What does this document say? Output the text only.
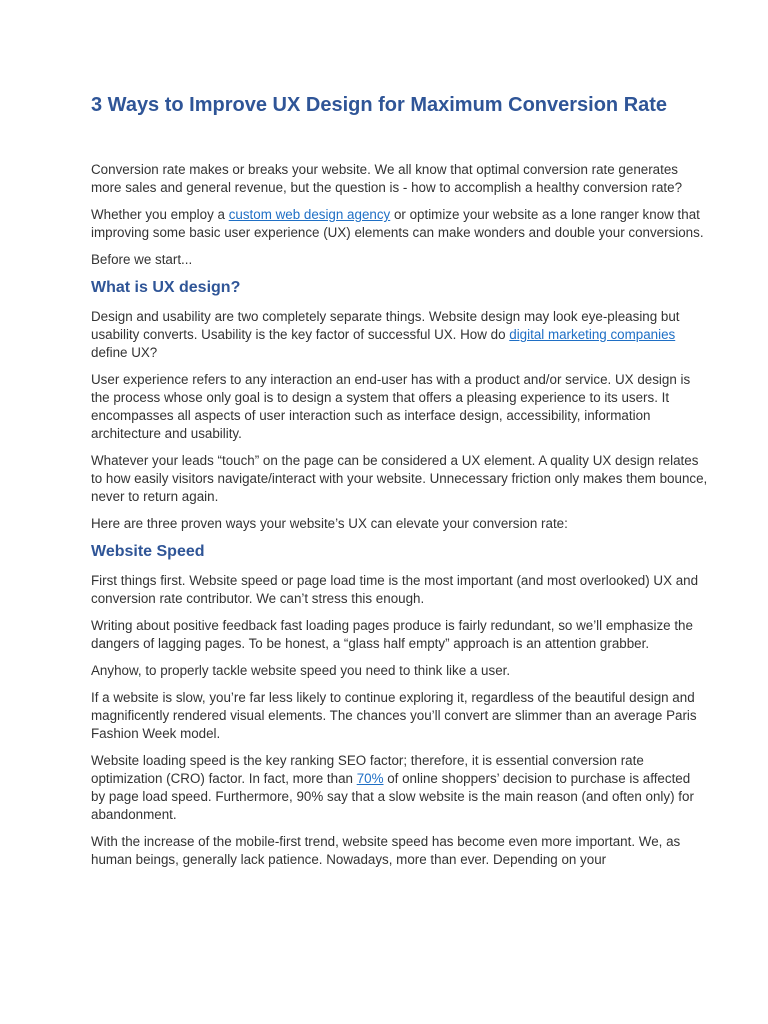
3 Ways to Improve UX Design for Maximum Conversion Rate

Conversion rate makes or breaks your website. We all know that optimal conversion rate generates more sales and general revenue, but the question is - how to accomplish a healthy conversion rate?

Whether you employ a custom web design agency or optimize your website as a lone ranger know that improving some basic user experience (UX) elements can make wonders and double your conversions.

Before we start...

What is UX design?

Design and usability are two completely separate things. Website design may look eye-pleasing but usability converts. Usability is the key factor of successful UX. How do digital marketing companies define UX?

User experience refers to any interaction an end-user has with a product and/or service. UX design is the process whose only goal is to design a system that offers a pleasing experience to its users. It encompasses all aspects of user interaction such as interface design, accessibility, information architecture and usability.

Whatever your leads “touch” on the page can be considered a UX element. A quality UX design relates to how easily visitors navigate/interact with your website. Unnecessary friction only makes them bounce, never to return again.

Here are three proven ways your website’s UX can elevate your conversion rate:

Website Speed

First things first. Website speed or page load time is the most important (and most overlooked) UX and conversion rate contributor. We can’t stress this enough.

Writing about positive feedback fast loading pages produce is fairly redundant, so we’ll emphasize the dangers of lagging pages. To be honest, a “glass half empty” approach is an attention grabber.

Anyhow, to properly tackle website speed you need to think like a user.

If a website is slow, you’re far less likely to continue exploring it, regardless of the beautiful design and magnificently rendered visual elements. The chances you’ll convert are slimmer than an average Paris Fashion Week model.

Website loading speed is the key ranking SEO factor; therefore, it is essential conversion rate optimization (CRO) factor. In fact, more than 70% of online shoppers’ decision to purchase is affected by page load speed. Furthermore, 90% say that a slow website is the main reason (and often only) for abandonment.

With the increase of the mobile-first trend, website speed has become even more important. We, as human beings, generally lack patience. Nowadays, more than ever. Depending on your
